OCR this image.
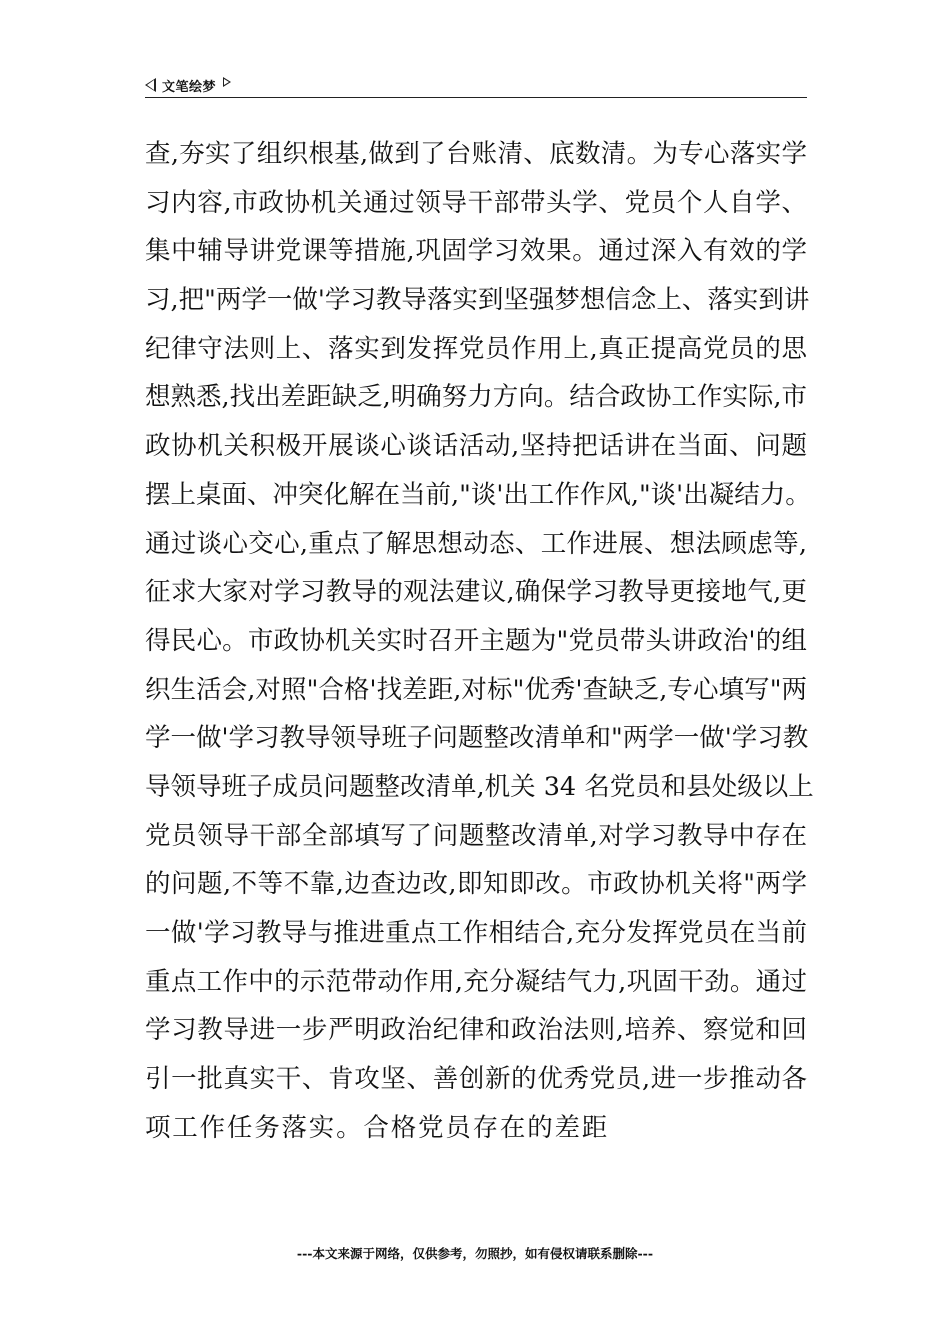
文笔绘梦
查,夯实了组织根基,做到了台账清、底数清。为专心落实学
习内容,市政协机关通过领导干部带头学、党员个人自学、
集中辅导讲党课等措施,巩固学习效果。通过深入有效的学
习,把"两学一做'学习教导落实到坚强梦想信念上、落实到讲
纪律守法则上、落实到发挥党员作用上,真正提高党员的思
想熟悉,找出差距缺乏,明确努力方向。结合政协工作实际,市
政协机关积极开展谈心谈话活动,坚持把话讲在当面、问题
摆上桌面、冲突化解在当前,"谈'出工作作风,"谈'出凝结力。
通过谈心交心,重点了解思想动态、工作进展、想法顾虑等,
征求大家对学习教导的观法建议,确保学习教导更接地气,更
得民心。市政协机关实时召开主题为"党员带头讲政治'的组
织生活会,对照"合格'找差距,对标"优秀'查缺乏,专心填写"两
学一做'学习教导领导班子问题整改清单和"两学一做'学习教
导领导班子成员问题整改清单,机关 34 名党员和县处级以上
党员领导干部全部填写了问题整改清单,对学习教导中存在
的问题,不等不靠,边查边改,即知即改。市政协机关将"两学
一做'学习教导与推进重点工作相结合,充分发挥党员在当前
重点工作中的示范带动作用,充分凝结气力,巩固干劲。通过
学习教导进一步严明政治纪律和政治法则,培养、察觉和回
引一批真实干、肯攻坚、善创新的优秀党员,进一步推动各
项工作任务落实。合格党员存在的差距
---本文来源于网络，仅供参考，勿照抄，如有侵权请联系删除---
